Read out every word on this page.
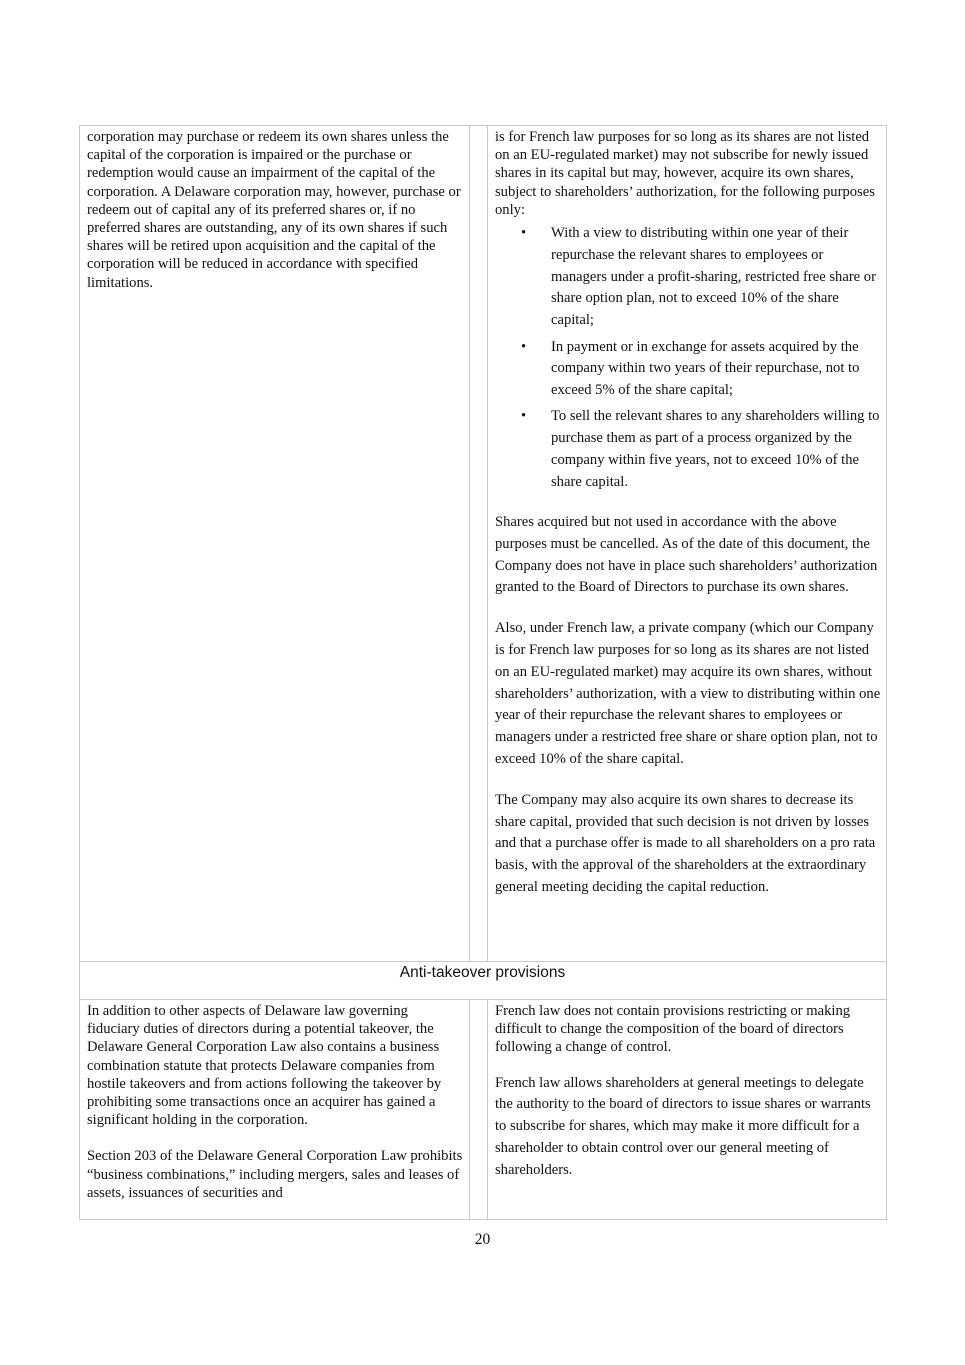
corporation may purchase or redeem its own shares unless the capital of the corporation is impaired or the purchase or redemption would cause an impairment of the capital of the corporation. A Delaware corporation may, however, purchase or redeem out of capital any of its preferred shares or, if no preferred shares are outstanding, any of its own shares if such shares will be retired upon acquisition and the capital of the corporation will be reduced in accordance with specified limitations.

is for French law purposes for so long as its shares are not listed on an EU-regulated market) may not subscribe for newly issued shares in its capital but may, however, acquire its own shares, subject to shareholders’ authorization, for the following purposes only:

• With a view to distributing within one year of their repurchase the relevant shares to employees or managers under a profit-sharing, restricted free share or share option plan, not to exceed 10% of the share capital;
• In payment or in exchange for assets acquired by the company within two years of their repurchase, not to exceed 5% of the share capital;
• To sell the relevant shares to any shareholders willing to purchase them as part of a process organized by the company within five years, not to exceed 10% of the share capital.

Shares acquired but not used in accordance with the above purposes must be cancelled. As of the date of this document, the Company does not have in place such shareholders’ authorization granted to the Board of Directors to purchase its own shares.

Also, under French law, a private company (which our Company is for French law purposes for so long as its shares are not listed on an EU-regulated market) may acquire its own shares, without shareholders’ authorization, with a view to distributing within one year of their repurchase the relevant shares to employees or managers under a restricted free share or share option plan, not to exceed 10% of the share capital.

The Company may also acquire its own shares to decrease its share capital, provided that such decision is not driven by losses and that a purchase offer is made to all shareholders on a pro rata basis, with the approval of the shareholders at the extraordinary general meeting deciding the capital reduction.

Anti-takeover provisions

In addition to other aspects of Delaware law governing fiduciary duties of directors during a potential takeover, the Delaware General Corporation Law also contains a business combination statute that protects Delaware companies from hostile takeovers and from actions following the takeover by prohibiting some transactions once an acquirer has gained a significant holding in the corporation.

Section 203 of the Delaware General Corporation Law prohibits “business combinations,” including mergers, sales and leases of assets, issuances of securities and

French law does not contain provisions restricting or making difficult to change the composition of the board of directors following a change of control.

French law allows shareholders at general meetings to delegate the authority to the board of directors to issue shares or warrants to subscribe for shares, which may make it more difficult for a shareholder to obtain control over our general meeting of shareholders.

20
